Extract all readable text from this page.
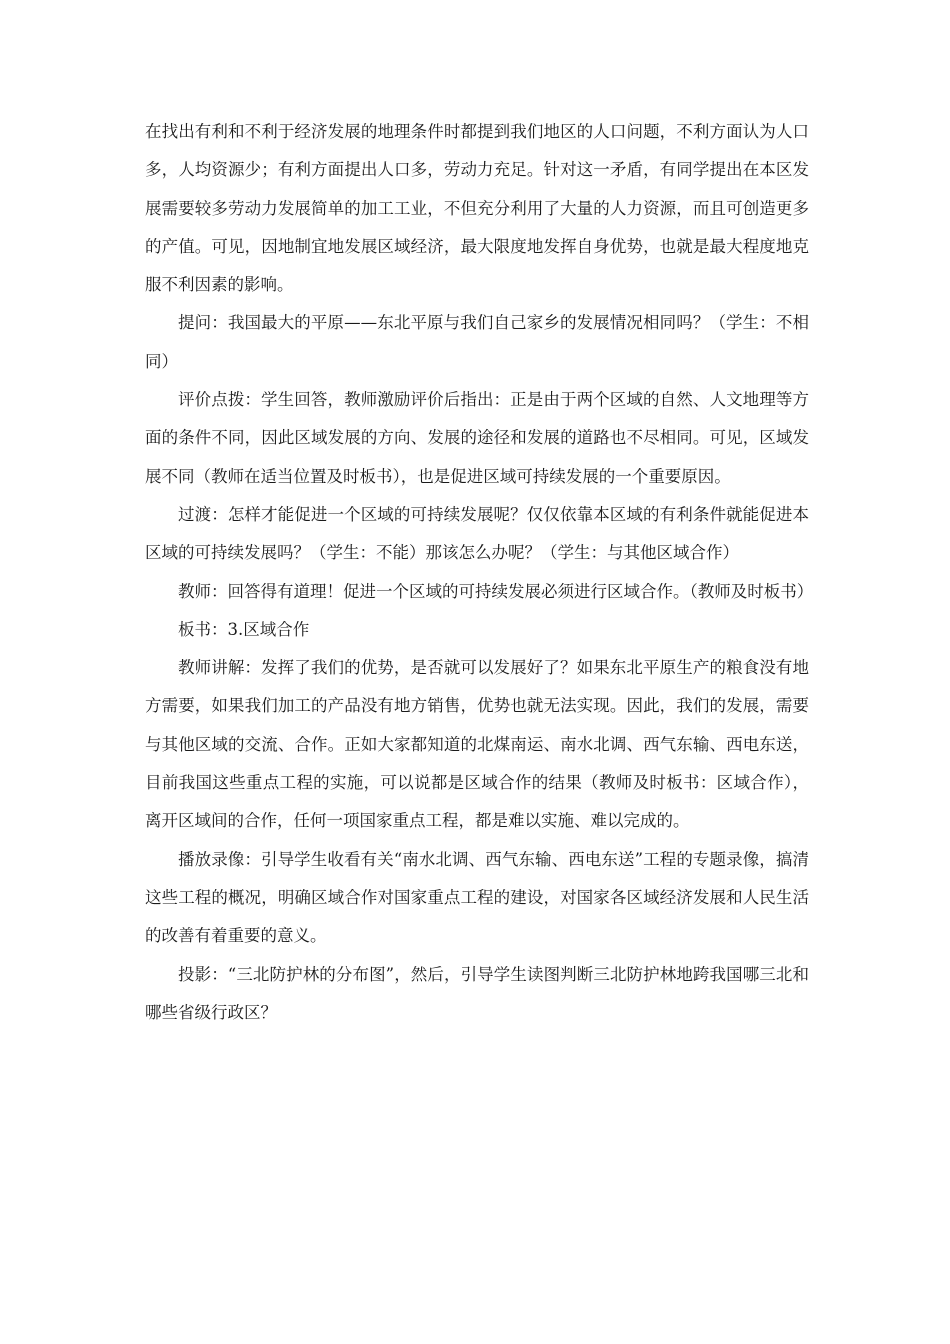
在找出有利和不利于经济发展的地理条件时都提到我们地区的人口问题，不利方面认为人口多，人均资源少；有利方面提出人口多，劳动力充足。针对这一矛盾，有同学提出在本区发展需要较多劳动力发展简单的加工工业，不但充分利用了大量的人力资源，而且可创造更多的产值。可见，因地制宜地发展区域经济，最大限度地发挥自身优势，也就是最大程度地克服不利因素的影响。

提问：我国最大的平原——东北平原与我们自己家乡的发展情况相同吗？（学生：不相同）

评价点拨：学生回答，教师激励评价后指出：正是由于两个区域的自然、人文地理等方面的条件不同，因此区域发展的方向、发展的途径和发展的道路也不尽相同。可见，区域发展不同（教师在适当位置及时板书），也是促进区域可持续发展的一个重要原因。

过渡：怎样才能促进一个区域的可持续发展呢？仅仅依靠本区域的有利条件就能促进本区域的可持续发展吗？（学生：不能）那该怎么办呢？（学生：与其他区域合作）

教师：回答得有道理！促进一个区域的可持续发展必须进行区域合作。（教师及时板书）

板书：3.区域合作

教师讲解：发挥了我们的优势，是否就可以发展好了？如果东北平原生产的粮食没有地方需要，如果我们加工的产品没有地方销售，优势也就无法实现。因此，我们的发展，需要与其他区域的交流、合作。正如大家都知道的北煤南运、南水北调、西气东输、西电东送，目前我国这些重点工程的实施，可以说都是区域合作的结果（教师及时板书：区域合作），离开区域间的合作，任何一项国家重点工程，都是难以实施、难以完成的。

播放录像：引导学生收看有关“南水北调、西气东输、西电东送”工程的专题录像，搞清这些工程的概况，明确区域合作对国家重点工程的建设，对国家各区域经济发展和人民生活的改善有着重要的意义。

投影：“三北防护林的分布图”，然后，引导学生读图判断三北防护林地跨我国哪三北和哪些省级行政区？
